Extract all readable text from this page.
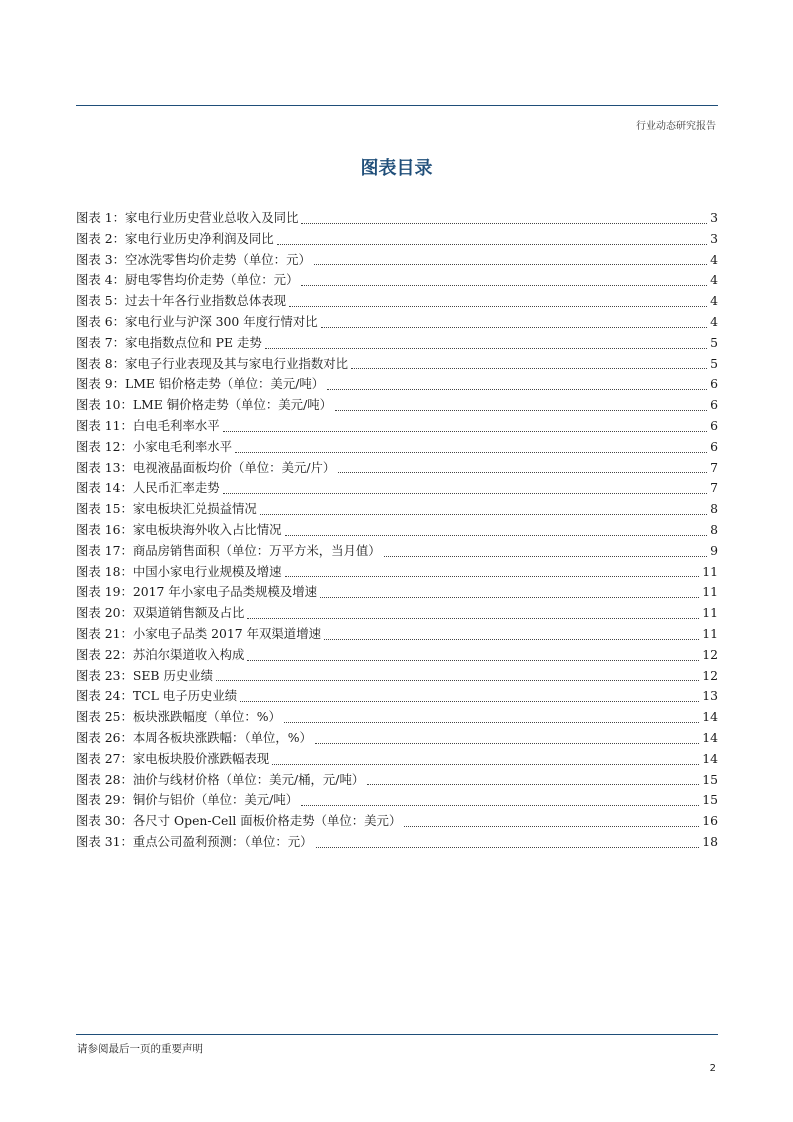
行业动态研究报告
图表目录
图表 1：家电行业历史营业总收入及同比	3
图表 2：家电行业历史净利润及同比	3
图表 3：空冰洗零售均价走势（单位：元）	4
图表 4：厨电零售均价走势（单位：元）	4
图表 5：过去十年各行业指数总体表现	4
图表 6：家电行业与沪深 300 年度行情对比	4
图表 7：家电指数点位和 PE 走势	5
图表 8：家电子行业表现及其与家电行业指数对比	5
图表 9：LME 铝价格走势（单位：美元/吨）	6
图表 10：LME 铜价格走势（单位：美元/吨）	6
图表 11：白电毛利率水平	6
图表 12：小家电毛利率水平	6
图表 13：电视液晶面板均价（单位：美元/片）	7
图表 14：人民币汇率走势	7
图表 15：家电板块汇兑损益情况	8
图表 16：家电板块海外收入占比情况	8
图表 17：商品房销售面积（单位：万平方米，当月值）	9
图表 18：中国小家电行业规模及增速	11
图表 19：2017 年小家电子品类规模及增速	11
图表 20：双渠道销售额及占比	11
图表 21：小家电子品类 2017 年双渠道增速	11
图表 22：苏泊尔渠道收入构成	12
图表 23：SEB 历史业绩	12
图表 24：TCL 电子历史业绩	13
图表 25：板块涨跌幅度（单位：%）	14
图表 26：本周各板块涨跌幅：（单位，%）	14
图表 27：家电板块股价涨跌幅表现	14
图表 28：油价与线材价格（单位：美元/桶，元/吨）	15
图表 29：铜价与铝价（单位：美元/吨）	15
图表 30：各尺寸 Open-Cell 面板价格走势（单位：美元）	16
图表 31：重点公司盈利预测：（单位：元）	18
请参阅最后一页的重要声明
2
